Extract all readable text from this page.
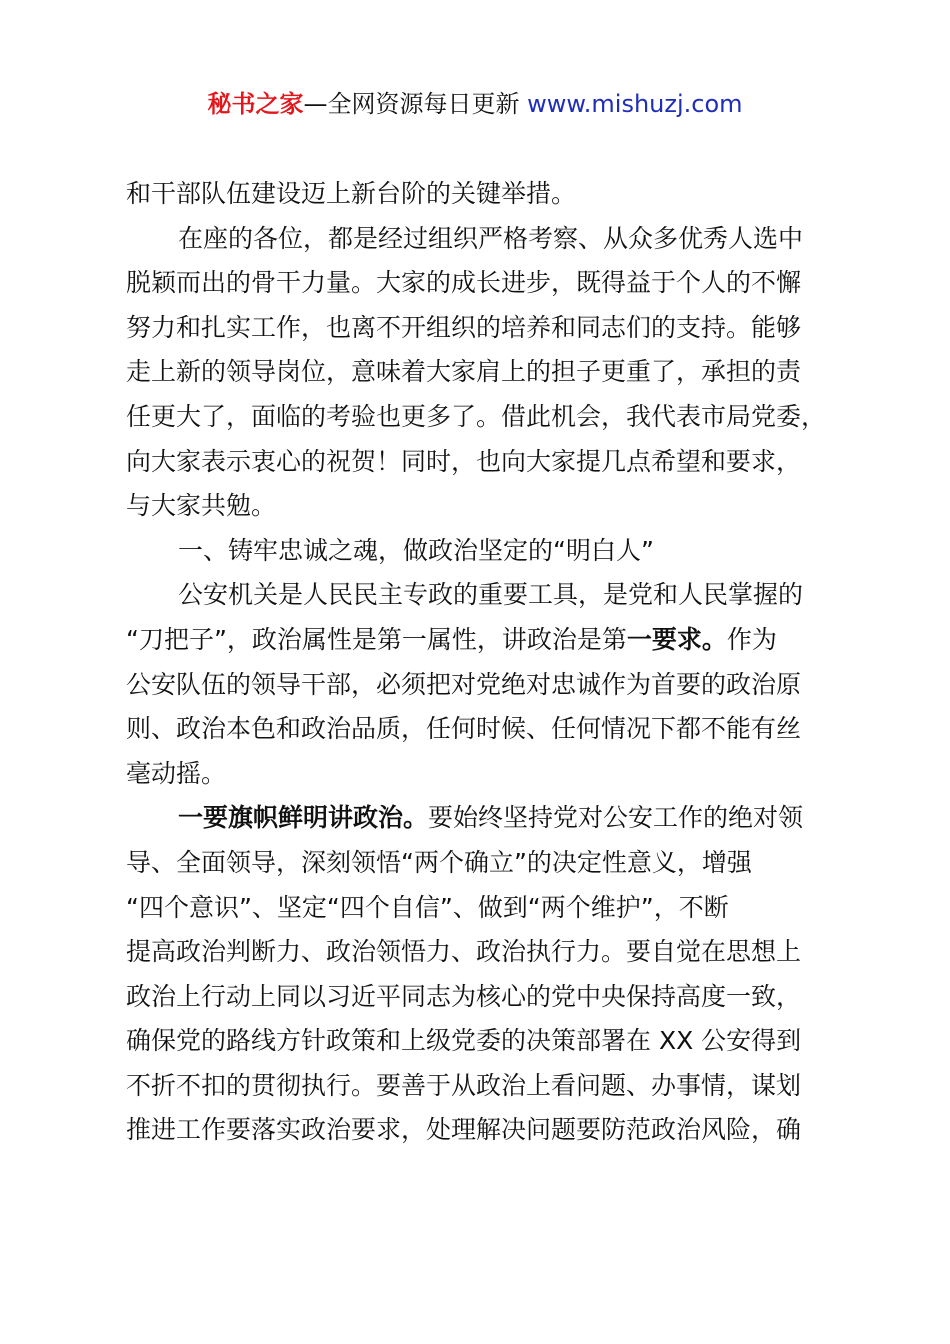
秘书之家—全网资源每日更新 www.mishuzj.com
和干部队伍建设迈上新台阶的关键举措。
在座的各位，都是经过组织严格考察、从众多优秀人选中
脱颖而出的骨干力量。大家的成长进步，既得益于个人的不懈
努力和扎实工作，也离不开组织的培养和同志们的支持。能够
走上新的领导岗位，意味着大家肩上的担子更重了，承担的责
任更大了，面临的考验也更多了。借此机会，我代表市局党委，
向大家表示衷心的祝贺！同时，也向大家提几点希望和要求，
与大家共勉。
一、铸牢忠诚之魂，做政治坚定的“明白人”
公安机关是人民民主专政的重要工具，是党和人民掌握的
“刀把子”，政治属性是第一属性，讲政治是第一要求。作为
公安队伍的领导干部，必须把对党绝对忠诚作为首要的政治原
则、政治本色和政治品质，任何时候、任何情况下都不能有丝
毫动摇。
一要旗帜鲜明讲政治。要始终坚持党对公安工作的绝对领
导、全面领导，深刻领悟“两个确立”的决定性意义，增强
“四个意识”、坚定“四个自信”、做到“两个维护”，不断
提高政治判断力、政治领悟力、政治执行力。要自觉在思想上
政治上行动上同以习近平同志为核心的党中央保持高度一致，
确保党的路线方针政策和上级党委的决策部署在 XX 公安得到
不折不扣的贯彻执行。要善于从政治上看问题、办事情，谋划
推进工作要落实政治要求，处理解决问题要防范政治风险，确
